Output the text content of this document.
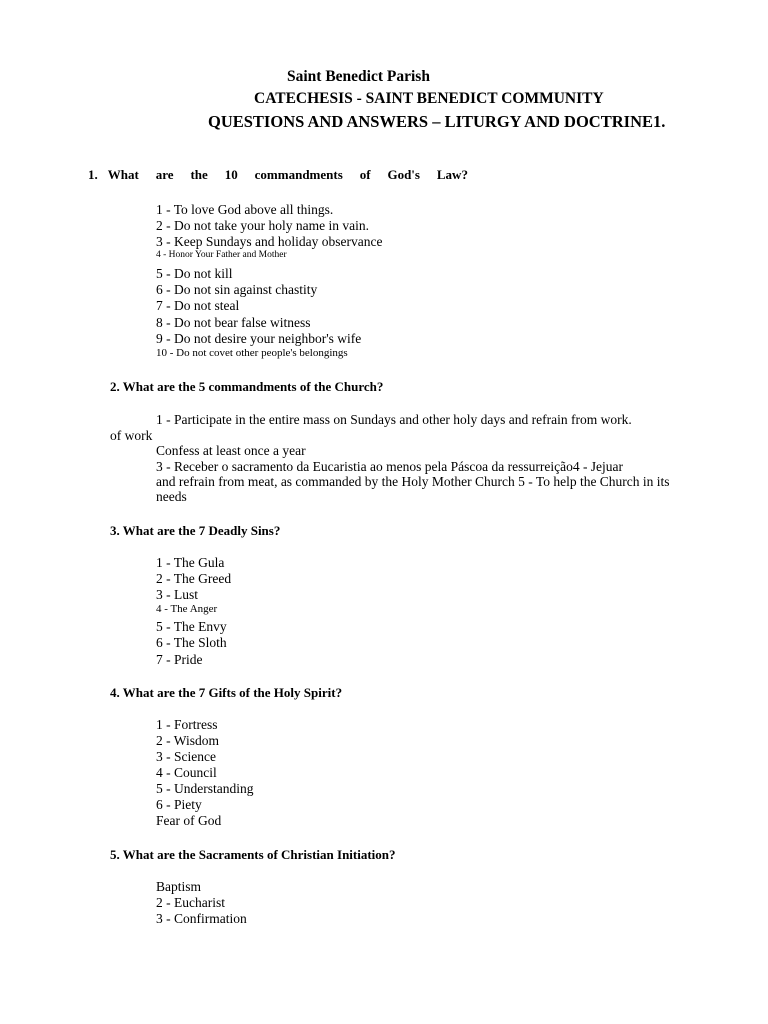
Saint Benedict Parish
CATECHESIS - SAINT BENEDICT COMMUNITY
QUESTIONS AND ANSWERS – LITURGY AND DOCTRINE1.
1. What are the 10 commandments of God's Law?
1 - To love God above all things.
2 - Do not take your holy name in vain.
3 - Keep Sundays and holiday observance
4 - Honor Your Father and Mother
5 - Do not kill
6 - Do not sin against chastity
7 - Do not steal
8 - Do not bear false witness
9 - Do not desire your neighbor's wife
10 - Do not covet other people's belongings
2. What are the 5 commandments of the Church?
1 - Participate in the entire mass on Sundays and other holy days and refrain from work.
of work
Confess at least once a year
3 - Receber o sacramento da Eucaristia ao menos pela Páscoa da ressurreição4 - Jejuar
and refrain from meat, as commanded by the Holy Mother Church 5 - To help the Church in its
needs
3. What are the 7 Deadly Sins?
1 - The Gula
2 - The Greed
3 - Lust
4 - The Anger
5 - The Envy
6 - The Sloth
7 - Pride
4. What are the 7 Gifts of the Holy Spirit?
1 - Fortress
2 - Wisdom
3 - Science
4 - Council
5 - Understanding
6 - Piety
Fear of God
5. What are the Sacraments of Christian Initiation?
Baptism
2 - Eucharist
3 - Confirmation
